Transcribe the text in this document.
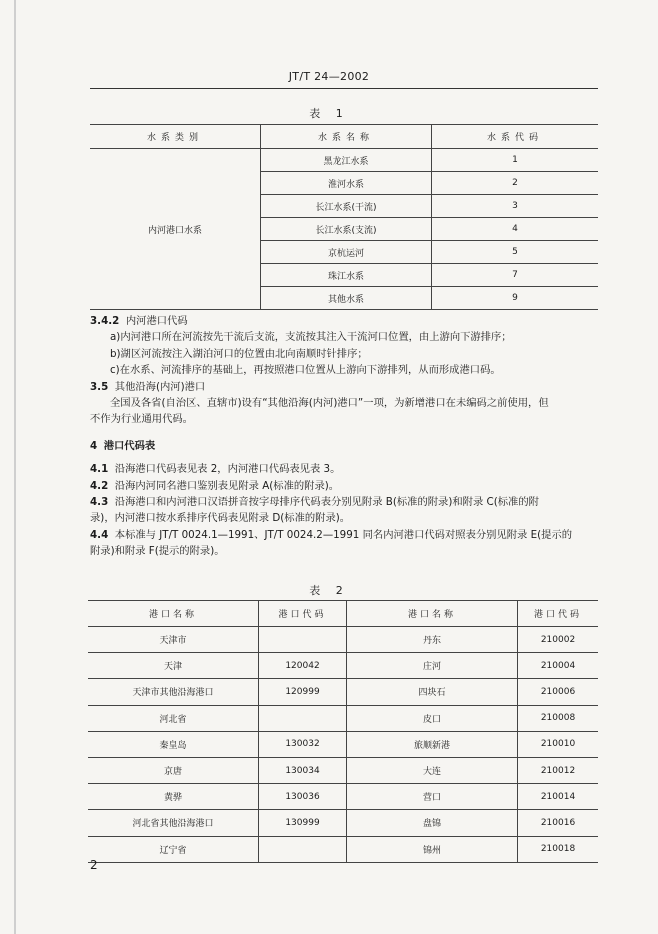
JT/T 24—2002
表 1
水系类别	水系名称	水系代码
内河港口水系	黑龙江水系	1
	淮河水系	2
	长江水系(干流)	3
	长江水系(支流)	4
	京杭运河	5
	珠江水系	7
	其他水系	9

3.4.2 内河港口代码

a)内河港口所在河流按先干流后支流，支流按其注入干流河口位置，由上游向下游排序；

b)湖区河流按注入湖泊河口的位置由北向南顺时针排序；

c)在水系、河流排序的基础上，再按照港口位置从上游向下游排列，从而形成港口码。

3.5 其他沿海(内河)港口

全国及各省(自治区、直辖市)设有“其他沿海(内河)港口”一项，为新增港口在未编码之前使用，但

不作为行业通用代码。

4 港口代码表

4.1 沿海港口代码表见表 2，内河港口代码表见表 3。

4.2 沿海内河同名港口鉴别表见附录 A(标准的附录)。

4.3 沿海港口和内河港口汉语拼音按字母排序代码表分别见附录 B(标准的附录)和附录 C(标准的附

录)，内河港口按水系排序代码表见附录 D(标准的附录)。

4.4 本标准与 JT/T 0024.1—1991、JT/T 0024.2—1991 同名内河港口代码对照表分别见附录 E(提示的

附录)和附录 F(提示的附录)。

表 2
港口名称	港口代码	港口名称	港口代码
天津市		丹东	210002
天津	120042	庄河	210004
天津市其他沿海港口	120999	四块石	210006
河北省		皮口	210008
秦皇岛	130032	旅顺新港	210010
京唐	130034	大连	210012
黄骅	130036	营口	210014
河北省其他沿海港口	130999	盘锦	210016
辽宁省		锦州	210018
2
